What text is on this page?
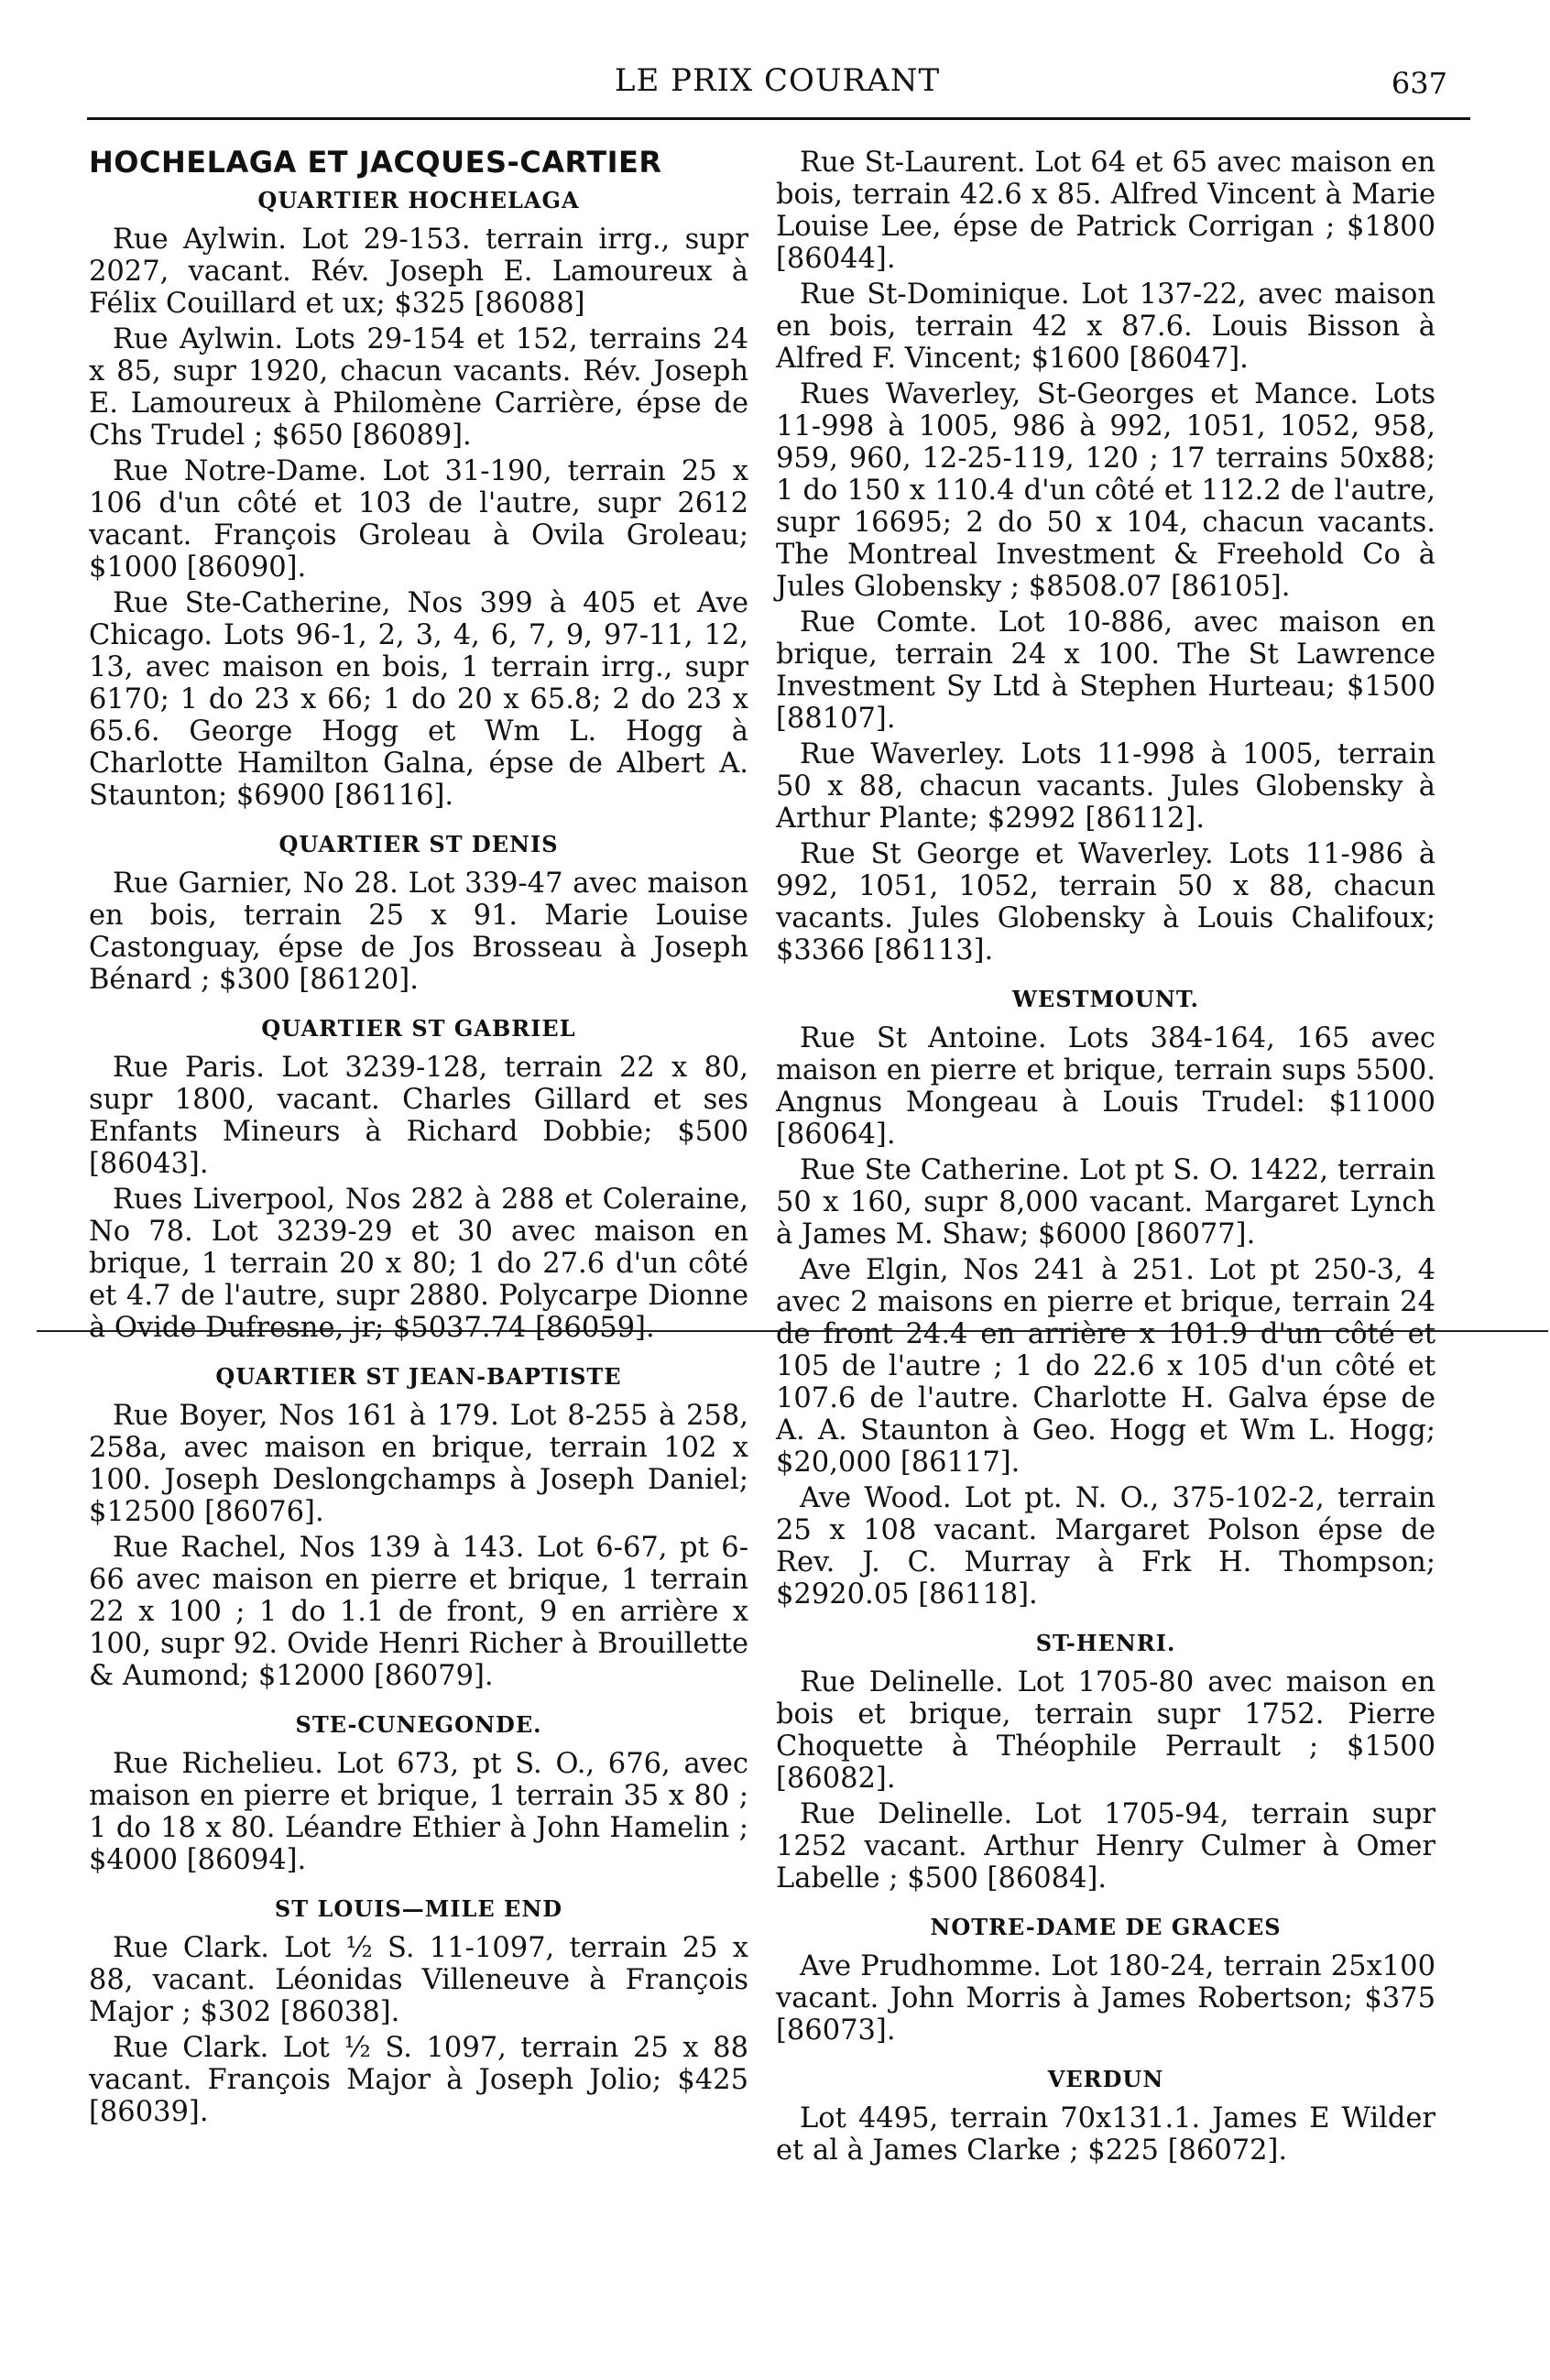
LE PRIX COURANT	637
HOCHELAGA ET JACQUES-CARTIER
QUARTIER HOCHELAGA

Rue Aylwin. Lot 29-153. terrain irrg., supr 2027, vacant. Rév. Joseph E. Lamoureux à Félix Couillard et ux; $325 [86088]

Rue Aylwin. Lots 29-154 et 152, terrains 24 x 85, supr 1920, chacun vacants. Rév. Joseph E. Lamoureux à Philomène Carrière, épse de Chs Trudel ; $650 [86089].

Rue Notre-Dame. Lot 31-190, terrain 25 x 106 d'un côté et 103 de l'autre, supr 2612 vacant. François Groleau à Ovila Groleau; $1000 [86090].

Rue Ste-Catherine, Nos 399 à 405 et Ave Chicago. Lots 96-1, 2, 3, 4, 6, 7, 9, 97-11, 12, 13, avec maison en bois, 1 terrain irrg., supr 6170; 1 do 23 x 66; 1 do 20 x 65.8; 2 do 23 x 65.6. George Hogg et Wm L. Hogg à Charlotte Hamilton Galna, épse de Albert A. Staunton; $6900 [86116].

QUARTIER ST DENIS

Rue Garnier, No 28. Lot 339-47 avec maison en bois, terrain 25 x 91. Marie Louise Castonguay, épse de Jos Brosseau à Joseph Bénard ; $300 [86120].

QUARTIER ST GABRIEL

Rue Paris. Lot 3239-128, terrain 22 x 80, supr 1800, vacant. Charles Gillard et ses Enfants Mineurs à Richard Dobbie; $500 [86043].

Rues Liverpool, Nos 282 à 288 et Coleraine, No 78. Lot 3239-29 et 30 avec maison en brique, 1 terrain 20 x 80; 1 do 27.6 d'un côté et 4.7 de l'autre, supr 2880. Polycarpe Dionne à Ovide Dufresne, jr; $5037.74 [86059].

QUARTIER ST JEAN-BAPTISTE

Rue Boyer, Nos 161 à 179. Lot 8-255 à 258, 258a, avec maison en brique, terrain 102 x 100. Joseph Deslongchamps à Joseph Daniel; $12500 [86076].

Rue Rachel, Nos 139 à 143. Lot 6-67, pt 6-66 avec maison en pierre et brique, 1 terrain 22 x 100 ; 1 do 1.1 de front, 9 en arrière x 100, supr 92. Ovide Henri Richer à Brouillette & Aumond; $12000 [86079].

STE-CUNEGONDE.

Rue Richelieu. Lot 673, pt S. O., 676, avec maison en pierre et brique, 1 terrain 35 x 80 ; 1 do 18 x 80. Léandre Ethier à John Hamelin ; $4000 [86094].

ST LOUIS—MILE END

Rue Clark. Lot ½ S. 11-1097, terrain 25 x 88, vacant. Léonidas Villeneuve à François Major ; $302 [86038].

Rue Clark. Lot ½ S. 1097, terrain 25 x 88 vacant. François Major à Joseph Jolio; $425 [86039].

Rue St-Laurent. Lot 64 et 65 avec maison en bois, terrain 42.6 x 85. Alfred Vincent à Marie Louise Lee, épse de Patrick Corrigan ; $1800 [86044].

Rue St-Dominique. Lot 137-22, avec maison en bois, terrain 42 x 87.6. Louis Bisson à Alfred F. Vincent; $1600 [86047].

Rues Waverley, St-Georges et Mance. Lots 11-998 à 1005, 986 à 992, 1051, 1052, 958, 959, 960, 12-25-119, 120 ; 17 terrains 50x88; 1 do 150 x 110.4 d'un côté et 112.2 de l'autre, supr 16695; 2 do 50 x 104, chacun vacants. The Montreal Investment & Freehold Co à Jules Globensky ; $8508.07 [86105].

Rue Comte. Lot 10-886, avec maison en brique, terrain 24 x 100. The St Lawrence Investment Sy Ltd à Stephen Hurteau; $1500 [88107].

Rue Waverley. Lots 11-998 à 1005, terrain 50 x 88, chacun vacants. Jules Globensky à Arthur Plante; $2992 [86112].

Rue St George et Waverley. Lots 11-986 à 992, 1051, 1052, terrain 50 x 88, chacun vacants. Jules Globensky à Louis Chalifoux; $3366 [86113].

WESTMOUNT.

Rue St Antoine. Lots 384-164, 165 avec maison en pierre et brique, terrain sups 5500. Angnus Mongeau à Louis Trudel: $11000 [86064].

Rue Ste Catherine. Lot pt S. O. 1422, terrain 50 x 160, supr 8,000 vacant. Margaret Lynch à James M. Shaw; $6000 [86077].

Ave Elgin, Nos 241 à 251. Lot pt 250-3, 4 avec 2 maisons en pierre et brique, terrain 24 de front 24.4 en arrière x 101.9 d'un côté et 105 de l'autre ; 1 do 22.6 x 105 d'un côté et 107.6 de l'autre. Charlotte H. Galva épse de A. A. Staunton à Geo. Hogg et Wm L. Hogg; $20,000 [86117].

Ave Wood. Lot pt. N. O., 375-102-2, terrain 25 x 108 vacant. Margaret Polson épse de Rev. J. C. Murray à Frk H. Thompson; $2920.05 [86118].

ST-HENRI.

Rue Delinelle. Lot 1705-80 avec maison en bois et brique, terrain supr 1752. Pierre Choquette à Théophile Perrault ; $1500 [86082].

Rue Delinelle. Lot 1705-94, terrain supr 1252 vacant. Arthur Henry Culmer à Omer Labelle ; $500 [86084].

NOTRE-DAME DE GRACES

Ave Prudhomme. Lot 180-24, terrain 25x100 vacant. John Morris à James Robertson; $375 [86073].

VERDUN

Lot 4495, terrain 70x131.1. James E Wilder et al à James Clarke ; $225 [86072].
